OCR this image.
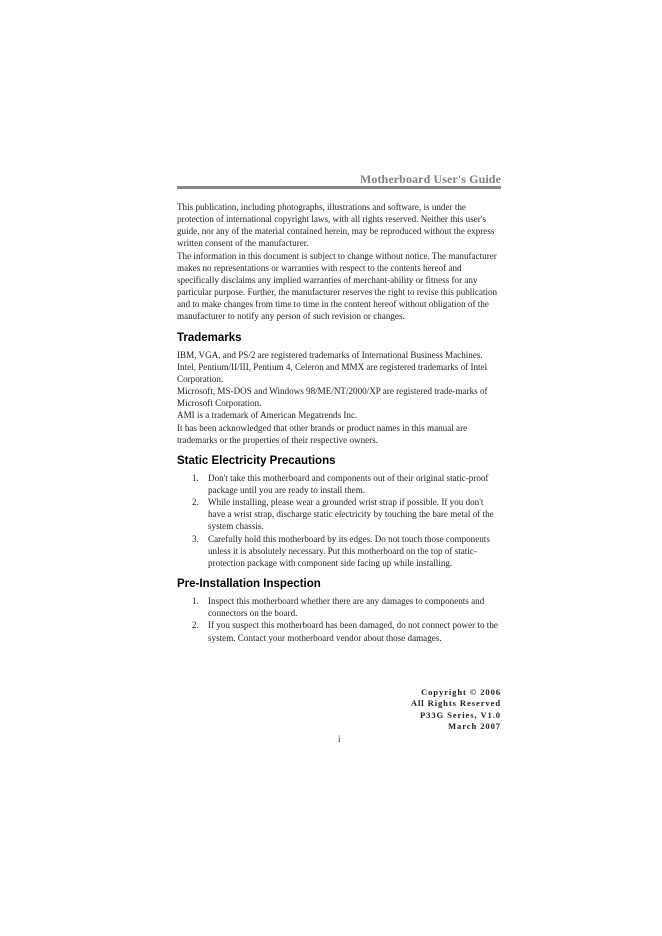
Motherboard User's Guide

This publication, including photographs, illustrations and software, is under the protection of international copyright laws, with all rights reserved. Neither this user's guide, nor any of the material contained herein, may be reproduced without the express written consent of the manufacturer.

The information in this document is subject to change without notice. The manufacturer makes no representations or warranties with respect to the contents hereof and specifically disclaims any implied warranties of merchant-ability or fitness for any particular purpose. Further, the manufacturer reserves the right to revise this publication and to make changes from time to time in the content hereof without obligation of the manufacturer to notify any person of such revision or changes.

Trademarks

IBM, VGA, and PS/2 are registered trademarks of International Business Machines.

Intel, Pentium/II/III, Pentium 4, Celeron and MMX are registered trademarks of Intel Corporation.

Microsoft, MS-DOS and Windows 98/ME/NT/2000/XP are registered trade-marks of Microsoft Corporation.

AMI is a trademark of American Megatrends Inc.

It has been acknowledged that other brands or product names in this manual are trademarks or the properties of their respective owners.

Static Electricity Precautions
1. Don't take this motherboard and components out of their original static-proof package until you are ready to install them.
2. While installing, please wear a grounded wrist strap if possible. If you don't have a wrist strap, discharge static electricity by touching the bare metal of the system chassis.
3. Carefully hold this motherboard by its edges. Do not touch those components unless it is absolutely necessary. Put this motherboard on the top of static-protection package with component side facing up while installing.
Pre-Installation Inspection
1. Inspect this motherboard whether there are any damages to components and connectors on the board.
2. If you suspect this motherboard has been damaged, do not connect power to the system. Contact your motherboard vendor about those damages.
Copyright © 2006
All Rights Reserved
P33G Series, V1.0
March 2007
i
